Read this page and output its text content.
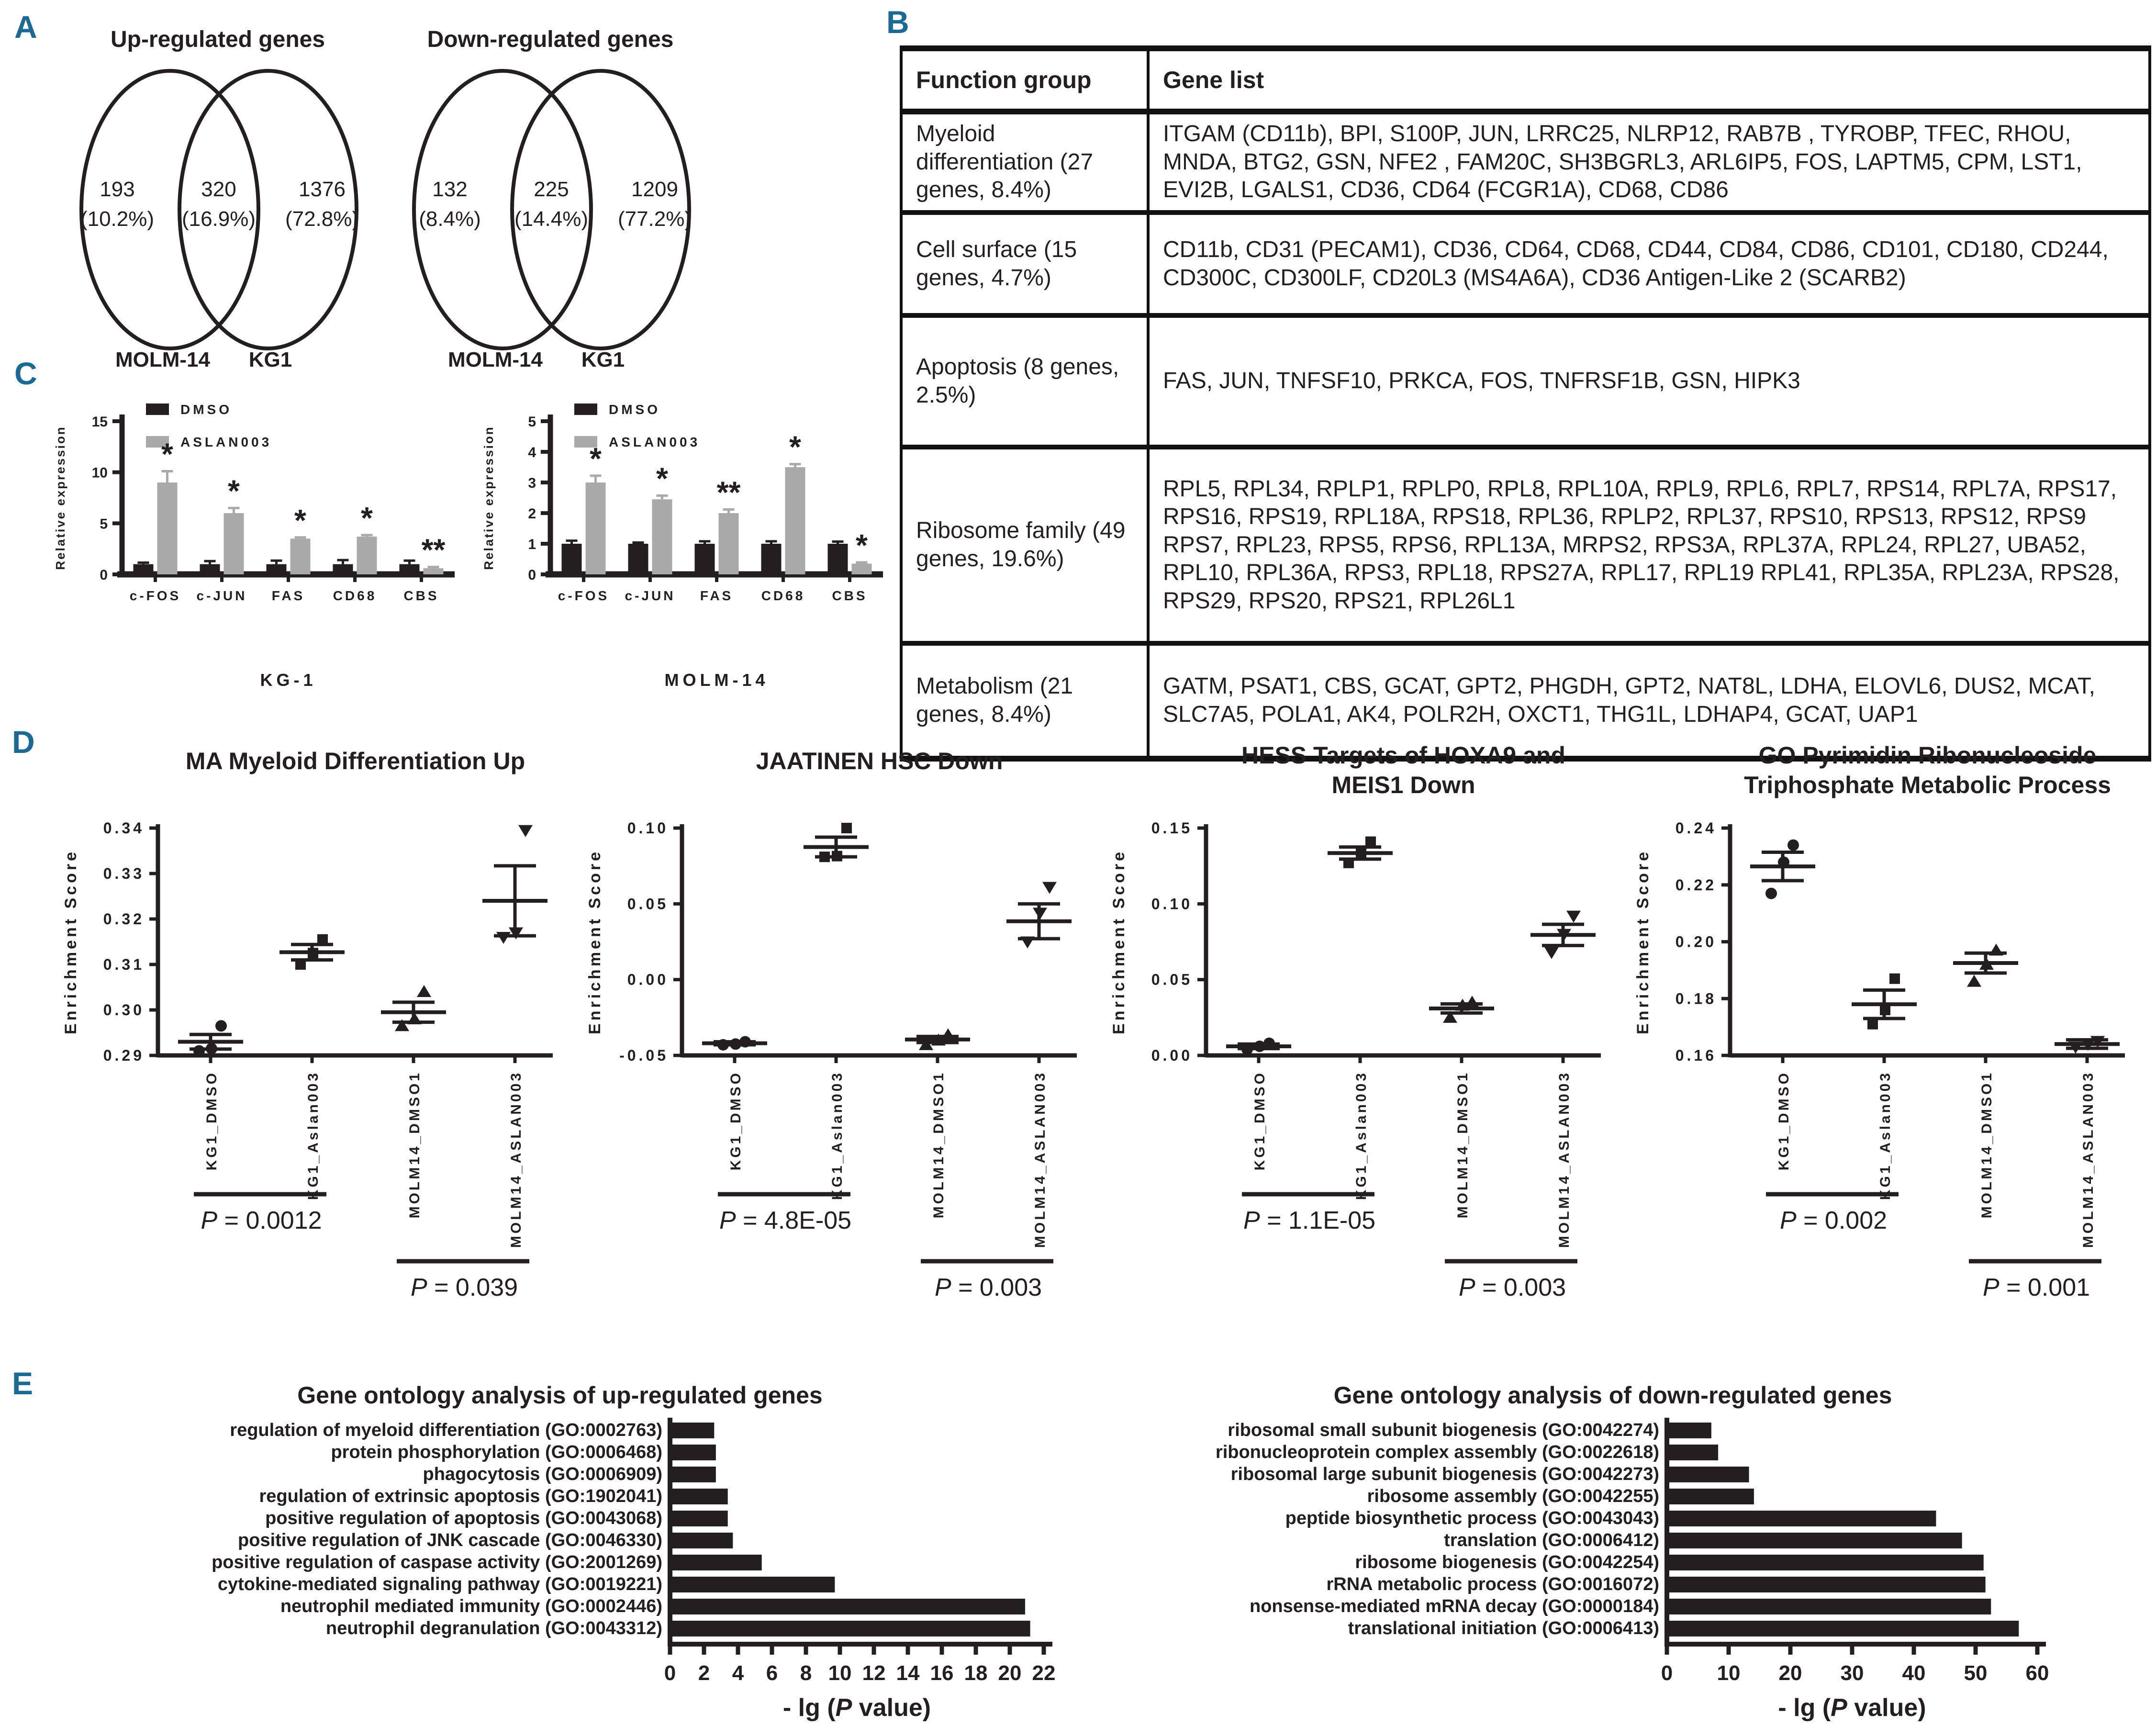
A	B
C
D
E
Up-regulated genes
193
(10.2%)
320
(16.9%)
1376
(72.8%)
MOLM-14 KG1
Down-regulated genes
132
(8.4%)
225
(14.4%)
1209
(77.2%)
MOLM-14 KG1
Function group	Gene list
Myeloid differentiation (27 genes, 8.4%)	ITGAM (CD11b), BPI, S100P, JUN, LRRC25, NLRP12, RAB7B , TYROBP, TFEC, RHOU, MNDA, BTG2, GSN, NFE2 , FAM20C, SH3BGRL3, ARL6IP5, FOS, LAPTM5, CPM, LST1, EVI2B, LGALS1, CD36, CD64 (FCGR1A), CD68, CD86
Cell surface (15 genes, 4.7%)	CD11b, CD31 (PECAM1), CD36, CD64, CD68, CD44, CD84, CD86, CD101, CD180, CD244, CD300C, CD300LF, CD20L3 (MS4A6A), CD36 Antigen-Like 2 (SCARB2)
Apoptosis (8 genes, 2.5%)	FAS, JUN, TNFSF10, PRKCA, FOS, TNFRSF1B, GSN, HIPK3
Ribosome family (49 genes, 19.6%)	RPL5, RPL34, RPLP1, RPLP0, RPL8, RPL10A, RPL9, RPL6, RPL7, RPS14, RPL7A, RPS17, RPS16, RPS19, RPL18A, RPS18, RPL36, RPLP2, RPL37, RPS10, RPS13, RPS12, RPS9 RPS7, RPL23, RPS5, RPS6, RPL13A, MRPS2, RPS3A, RPL37A, RPL24, RPL27, UBA52, RPL10, RPL36A, RPS3, RPL18, RPS27A, RPL17, RPL19 RPL41, RPL35A, RPL23A, RPS28, RPS29, RPS20, RPS21, RPL26L1
Metabolism (21 genes, 8.4%)	GATM, PSAT1, CBS, GCAT, GPT2, PHGDH, GPT2, NAT8L, LDHA, ELOVL6, DUS2, MCAT, SLC7A5, POLA1, AK4, POLR2H, OXCT1, THG1L, LDHAP4, GCAT, UAP1
0
5
10
15
Relative expression
DMSO
ASLAN003
c-FOS
*
c-JUN
*
FAS
*
CD68
*
CBS
**
KG-1
0
1
2
3
4
5
Relative expression
DMSO
ASLAN003
c-FOS
*
c-JUN
*
FAS
**
CD68
*
CBS
*
MOLM-14
MA Myeloid Differentiation Up
0.29
0.30
0.31
0.32
0.33
0.34
Enrichment Score
KG1_DMSO	KG1_Aslan003	MOLM14_DMSO1	MOLM14_ASLAN003
P = 0.0012
P = 0.039
JAATINEN HSC Down
-0.05
0.00
0.05
0.10
Enrichment Score
KG1_DMSO	KG1_Aslan003	MOLM14_DMSO1	MOLM14_ASLAN003
P = 4.8E-05
P = 0.003
HESS Targets of HOXA9 and
MEIS1 Down
0.00
0.05
0.10
0.15
Enrichment Score
KG1_DMSO	KG1_Aslan003	MOLM14_DMSO1	MOLM14_ASLAN003
P = 1.1E-05
P = 0.003
GO Pyrimidin Ribonucleoside
Triphosphate Metabolic Process
0.16
0.18
0.20
0.22
0.24
Enrichment Score
KG1_DMSO	KG1_Aslan003	MOLM14_DMSO1	MOLM14_ASLAN003
P = 0.002
P = 0.001
Gene ontology analysis of up-regulated genes
regulation of myeloid differentiation (GO:0002763)
protein phosphorylation (GO:0006468)
phagocytosis (GO:0006909)
regulation of extrinsic apoptosis (GO:1902041)
positive regulation of apoptosis (GO:0043068)
positive regulation of JNK cascade (GO:0046330)
positive regulation of caspase activity (GO:2001269)
cytokine-mediated signaling pathway (GO:0019221)
neutrophil mediated immunity (GO:0002446)
neutrophil degranulation (GO:0043312)
0 2 4 6 8 10 12 14 16 18 20 22
- lg (P value)
Gene ontology analysis of down-regulated genes
ribosomal small subunit biogenesis (GO:0042274)
ribonucleoprotein complex assembly (GO:0022618)
ribosomal large subunit biogenesis (GO:0042273)
ribosome assembly (GO:0042255)
peptide biosynthetic process (GO:0043043)
translation (GO:0006412)
ribosome biogenesis (GO:0042254)
rRNA metabolic process (GO:0016072)
nonsense-mediated mRNA decay (GO:0000184)
translational initiation (GO:0006413)
0 10 20 30 40 50 60
- lg (P value)
